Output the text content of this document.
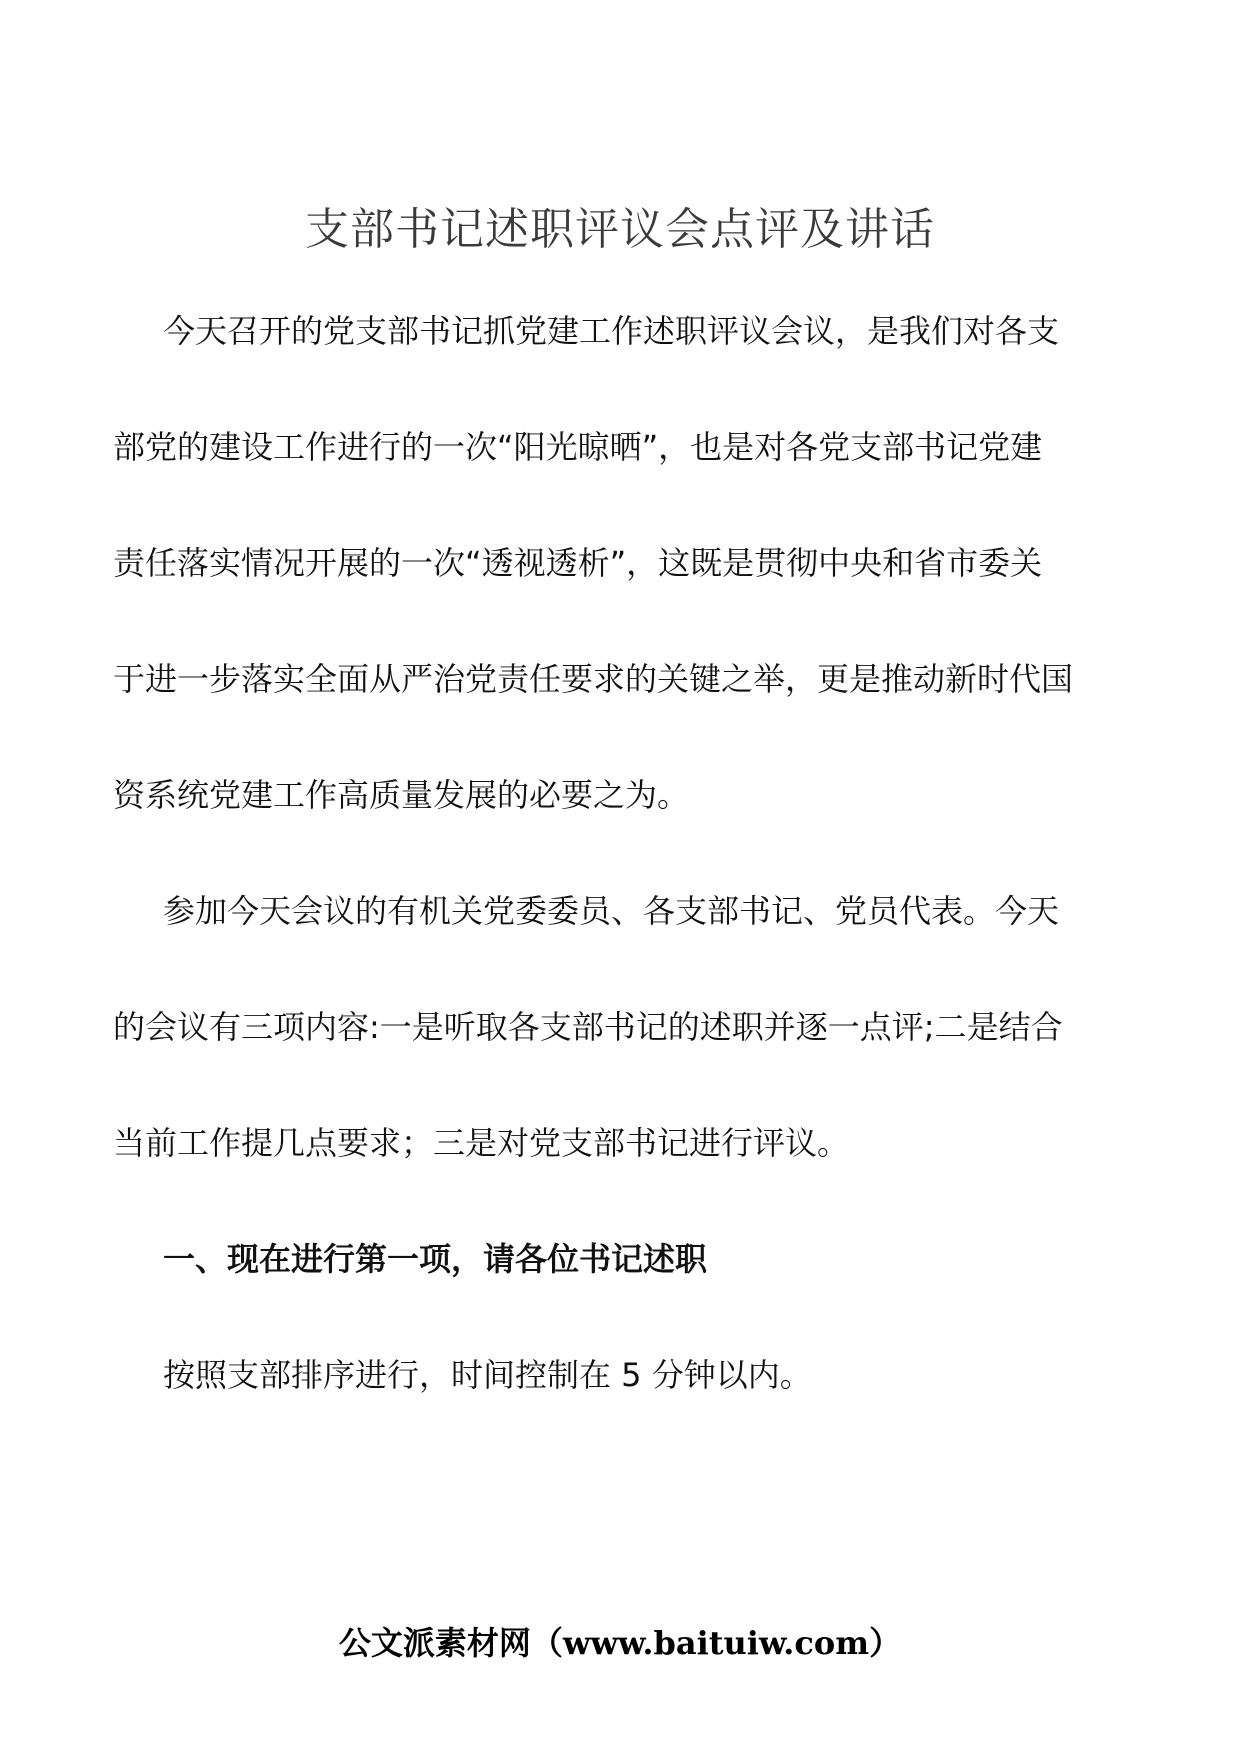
支部书记述职评议会点评及讲话
今天召开的党支部书记抓党建工作述职评议会议，是我们对各支
部党的建设工作进行的一次“阳光晾晒”，也是对各党支部书记党建
责任落实情况开展的一次“透视透析”，这既是贯彻中央和省市委关
于进一步落实全面从严治党责任要求的关键之举，更是推动新时代国
资系统党建工作高质量发展的必要之为。
参加今天会议的有机关党委委员、各支部书记、党员代表。今天
的会议有三项内容:一是听取各支部书记的述职并逐一点评;二是结合
当前工作提几点要求；三是对党支部书记进行评议。
一、现在进行第一项，请各位书记述职
按照支部排序进行，时间控制在 5 分钟以内。
公文派素材网（www.baituiw.com）
